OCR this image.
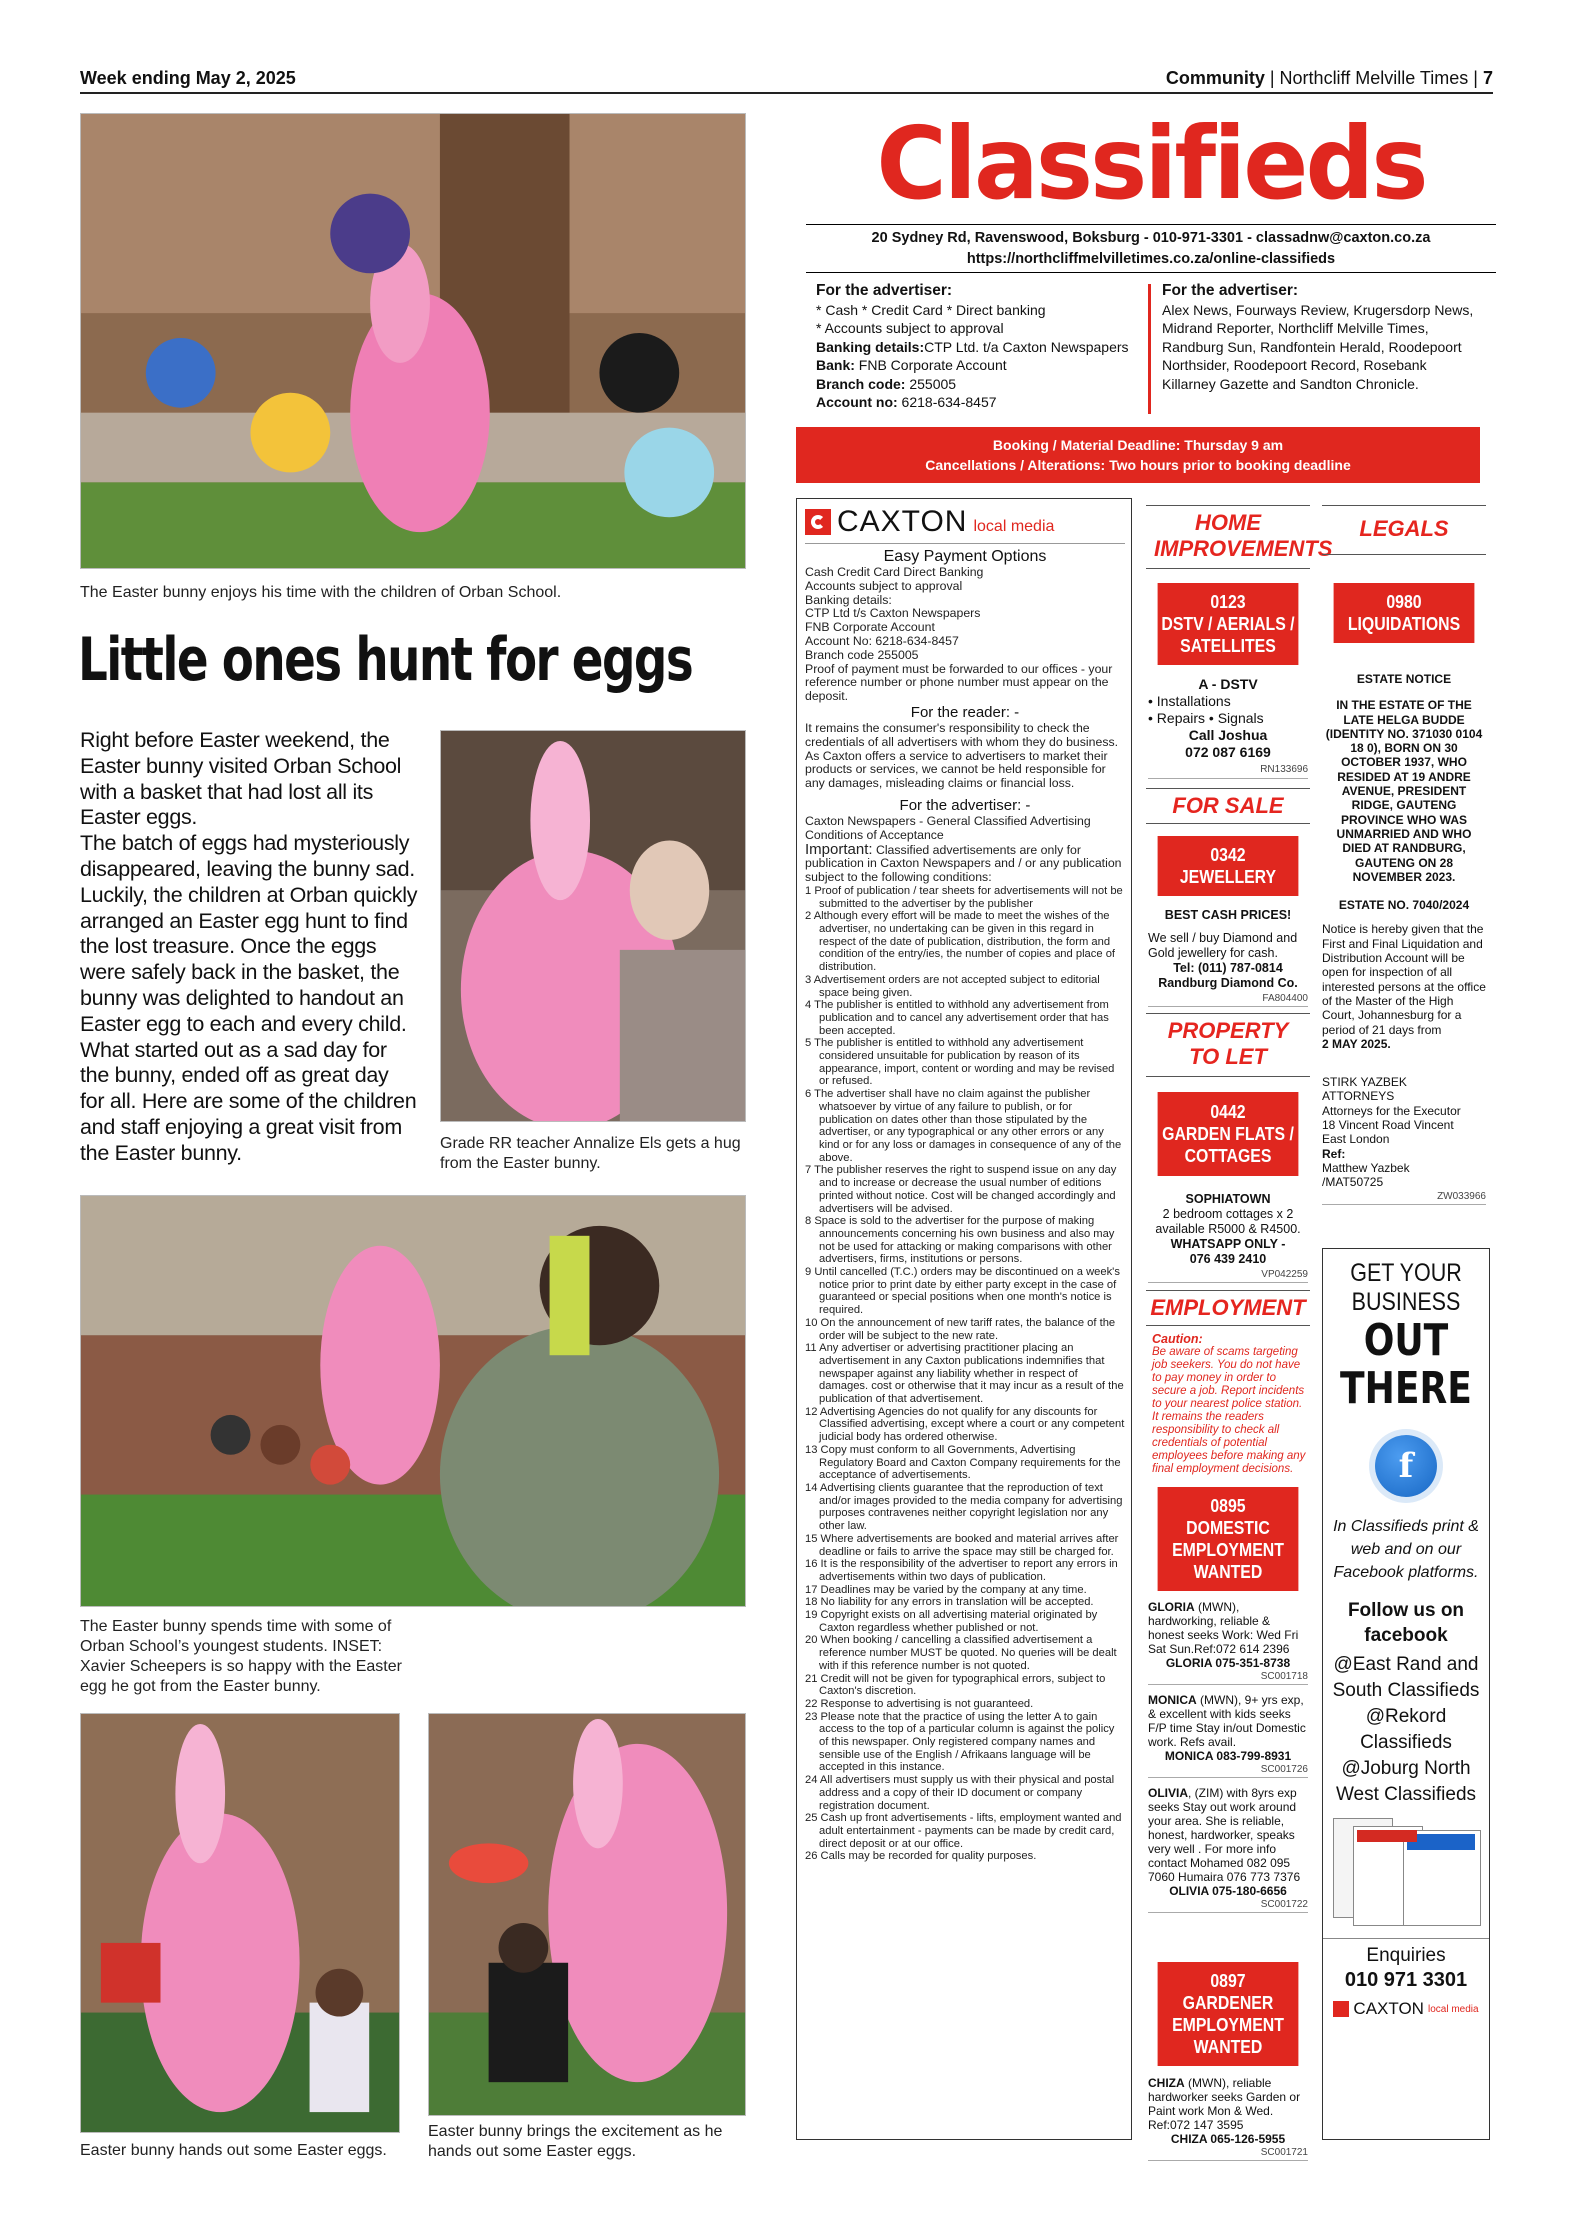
Week ending May 2, 2025	Community | Northcliff Melville Times | 7
The Easter bunny enjoys his time with the children of Orban School.
Little ones hunt for eggs
Right before Easter weekend, the Easter bunny visited Orban School with a basket that had lost all its Easter eggs.
The batch of eggs had mysteriously disappeared, leaving the bunny sad. Luckily, the children at Orban quickly arranged an Easter egg hunt to find the lost treasure. Once the eggs were safely back in the basket, the bunny was delighted to handout an Easter egg to each and every child.
What started out as a sad day for the bunny, ended off as great day for all. Here are some of the children and staff enjoying a great visit from the Easter bunny.	Grade RR teacher Annalize Els gets a hug from the Easter bunny.
The Easter bunny spends time with some of Orban School’s youngest students. INSET: Xavier Scheepers is so happy with the Easter egg he got from the Easter bunny.
Easter bunny hands out some Easter eggs.
Easter bunny brings the excitement as he hands out some Easter eggs.
Classifieds
20 Sydney Rd, Ravenswood, Boksburg - 010-971-3301 - classadnw@caxton.co.za
https://northcliffmelvilletimes.co.za/online-classifieds
For the advertiser:
* Cash * Credit Card * Direct banking
* Accounts subject to approval
Banking details:CTP Ltd. t/a Caxton Newspapers
Bank: FNB Corporate Account
Branch code: 255005
Account no: 6218-634-8457
For the advertiser:
Alex News, Fourways Review, Krugersdorp News, Midrand Reporter, Northcliff Melville Times, Randburg Sun, Randfontein Herald, Roodepoort Northsider, Roodepoort Record, Rosebank Killarney Gazette and Sandton Chronicle.
Booking / Material Deadline: Thursday 9 am
Cancellations / Alterations: Two hours prior to booking deadline
CAXTON local media
Easy Payment Options
Cash Credit Card Direct Banking
Accounts subject to approval
Banking details:
CTP Ltd t/s Caxton Newspapers
FNB Corporate Account
Account No: 6218-634-8457
Branch code 255005
Proof of payment must be forwarded to our offices - your reference number or phone number must appear on the deposit.
For the reader: -
It remains the consumer's responsibility to check the credentials of all advertisers with whom they do business. As Caxton offers a service to advertisers to market their products or services, we cannot be held responsible for any damages, misleading claims or financial loss.
For the advertiser: -
Caxton Newspapers - General Classified Advertising Conditions of Acceptance
Important: Classified advertisements are only for publication in Caxton Newspapers and / or any publication subject to the following conditions:

1 Proof of publication / tear sheets for advertisements will not be submitted to the advertiser by the publisher

2 Although every effort will be made to meet the wishes of the advertiser, no undertaking can be given in this regard in respect of the date of publication, distribution, the form and condition of the entry/ies, the number of copies and place of distribution.

3 Advertisement orders are not accepted subject to editorial space being given.

4 The publisher is entitled to withhold any advertisement from publication and to cancel any advertisement order that has been accepted.

5 The publisher is entitled to withhold any advertisement considered unsuitable for publication by reason of its appearance, import, content or wording and may be revised or refused.

6 The advertiser shall have no claim against the publisher whatsoever by virtue of any failure to publish, or for publication on dates other than those stipulated by the advertiser, or any typographical or any other errors or any kind or for any loss or damages in consequence of any of the above.

7 The publisher reserves the right to suspend issue on any day and to increase or decrease the usual number of editions printed without notice. Cost will be changed accordingly and advertisers will be advised.

8 Space is sold to the advertiser for the purpose of making announcements concerning his own business and also may not be used for attacking or making comparisons with other advertisers, firms, institutions or persons.

9 Until cancelled (T.C.) orders may be discontinued on a week's notice prior to print date by either party except in the case of guaranteed or special positions when one month's notice is required.

10 On the announcement of new tariff rates, the balance of the order will be subject to the new rate.

11 Any advertiser or advertising practitioner placing an advertisement in any Caxton publications indemnifies that newspaper against any liability whether in respect of damages. cost or otherwise that it may incur as a result of the publication of that advertisement.

12 Advertising Agencies do not qualify for any discounts for Classified advertising, except where a court or any competent judicial body has ordered otherwise.

13 Copy must conform to all Governments, Advertising Regulatory Board and Caxton Company requirements for the acceptance of advertisements.

14 Advertising clients guarantee that the reproduction of text and/or images provided to the media company for advertising purposes contravenes neither copyright legislation nor any other law.

15 Where advertisements are booked and material arrives after deadline or fails to arrive the space may still be charged for.

16 It is the responsibility of the advertiser to report any errors in advertisements within two days of publication.

17 Deadlines may be varied by the company at any time.

18 No liability for any errors in translation will be accepted.

19 Copyright exists on all advertising material originated by Caxton regardless whether published or not.

20 When booking / cancelling a classified advertisement a reference number MUST be quoted. No queries will be dealt with if this reference number is not quoted.

21 Credit will not be given for typographical errors, subject to Caxton's discretion.

22 Response to advertising is not guaranteed.

23 Please note that the practice of using the letter A to gain access to the top of a particular column is against the policy of this newspaper. Only registered company names and sensible use of the English / Afrikaans language will be accepted in this instance.

24 All advertisers must supply us with their physical and postal address and a copy of their ID document or company registration document.

25 Cash up front advertisements - lifts, employment wanted and adult entertainment - payments can be made by credit card, direct deposit or at our office.

26 Calls may be recorded for quality purposes.

HOME IMPROVEMENTS
0123
DSTV / AERIALS /
SATELLITES
A - DSTV
• Installations
• Repairs • Signals
Call Joshua
072 087 6169
RN133696
FOR SALE
0342
JEWELLERY
BEST CASH PRICES!
We sell / buy Diamond and Gold jewellery for cash.
Tel: (011) 787-0814
Randburg Diamond Co.
FA804400
PROPERTY TO LET
0442
GARDEN FLATS /
COTTAGES
SOPHIATOWN
2 bedroom cottages x 2 available R5000 & R4500.
WHATSAPP ONLY -
076 439 2410
VP042259
EMPLOYMENT
Caution:
Be aware of scams targeting job seekers. You do not have to pay money in order to secure a job. Report incidents to your nearest police station. It remains the readers responsibility to check all credentials of potential employees before making any final employment decisions.
0895
DOMESTIC
EMPLOYMENT
WANTED
GLORIA (MWN), hardworking, reliable & honest seeks Work: Wed Fri Sat Sun.Ref:072 614 2396
GLORIA 075-351-8738
SC001718
MONICA (MWN), 9+ yrs exp, & excellent with kids seeks F/P time Stay in/out Domestic work. Refs avail.
MONICA 083-799-8931
SC001726
OLIVIA, (ZIM) with 8yrs exp seeks Stay out work around your area. She is reliable, honest, hardworker, speaks very well . For more info contact Mohamed 082 095 7060 Humaira 076 773 7376
OLIVIA 075-180-6656
SC001722
0897
GARDENER
EMPLOYMENT
WANTED
CHIZA (MWN), reliable hardworker seeks Garden or Paint work Mon & Wed. Ref:072 147 3595
CHIZA 065-126-5955
SC001721
LEGALS
0980
LIQUIDATIONS
ESTATE NOTICE
IN THE ESTATE OF THE LATE HELGA BUDDE (IDENTITY NO. 371030 0104 18 0), BORN ON 30 OCTOBER 1937, WHO RESIDED AT 19 ANDRE AVENUE, PRESIDENT RIDGE, GAUTENG PROVINCE WHO WAS UNMARRIED AND WHO DIED AT RANDBURG, GAUTENG ON 28 NOVEMBER 2023.
ESTATE NO. 7040/2024
Notice is hereby given that the First and Final Liquidation and Distribution Account will be open for inspection of all interested persons at the office of the Master of the High Court, Johannesburg for a period of 21 days from
2 MAY 2025.
STIRK YAZBEK
ATTORNEYS
Attorneys for the Executor
18 Vincent Road Vincent
East London
Ref:
Matthew Yazbek
/MAT50725
ZW033966
GET YOUR
BUSINESS
OUT
THERE
f
In Classifieds print & web and on our Facebook platforms.
Follow us on facebook
@East Rand and South Classifieds @Rekord Classifieds @Joburg North West Classifieds
Enquiries
010 971 3301
CAXTON local media
